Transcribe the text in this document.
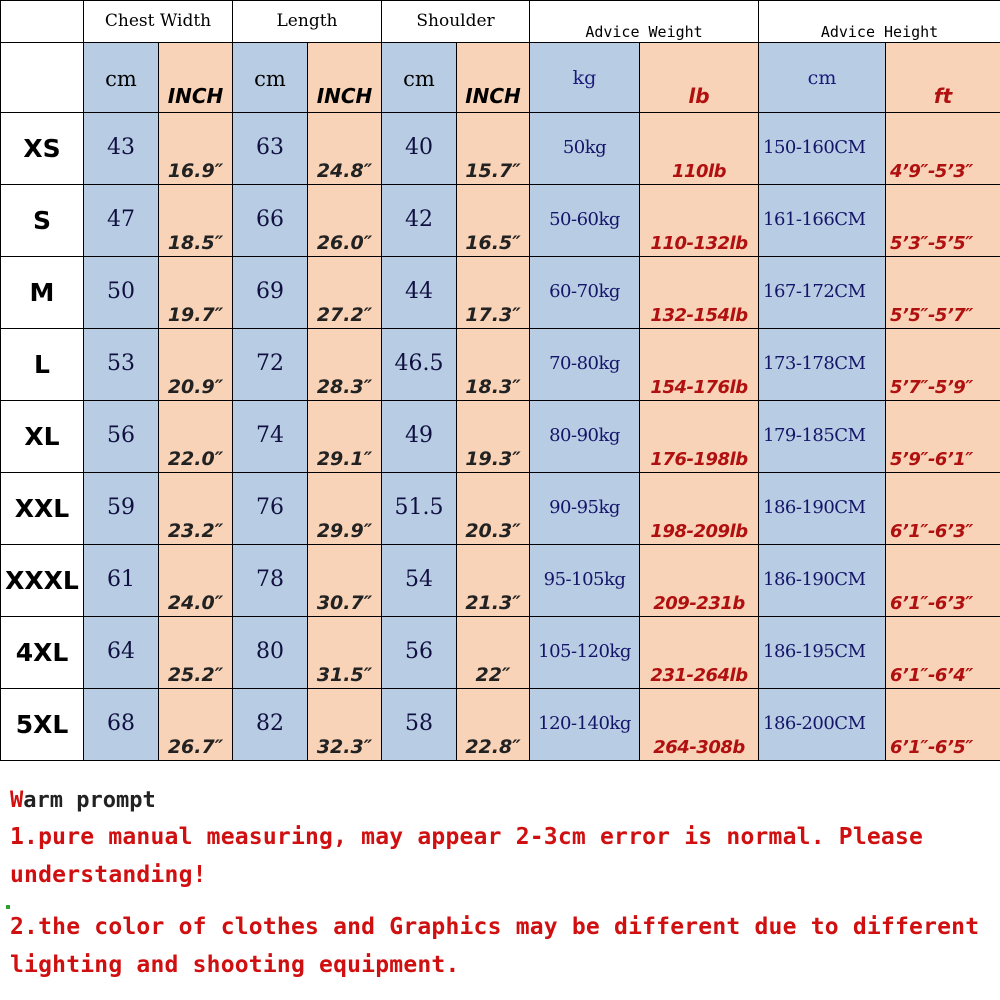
	Chest Width		Length		Shoulder		Advice Weight		Advice Height	
	cm	INCH	cm	INCH	cm	INCH	kg	lb	cm	ft
XS	43	16.9″	63	24.8″	40	15.7″	50kg	110lb	150-160CM	4’9″-5’3″
S	47	18.5″	66	26.0″	42	16.5″	50-60kg	110-132lb	161-166CM	5’3″-5’5″
M	50	19.7″	69	27.2″	44	17.3″	60-70kg	132-154lb	167-172CM	5’5″-5’7″
L	53	20.9″	72	28.3″	46.5	18.3″	70-80kg	154-176lb	173-178CM	5’7″-5’9″
XL	56	22.0″	74	29.1″	49	19.3″	80-90kg	176-198lb	179-185CM	5’9″-6’1″
XXL	59	23.2″	76	29.9″	51.5	20.3″	90-95kg	198-209lb	186-190CM	6’1″-6’3″
XXXL	61	24.0″	78	30.7″	54	21.3″	95-105kg	209-231b	186-190CM	6’1″-6’3″
4XL	64	25.2″	80	31.5″	56	22″	105-120kg	231-264lb	186-195CM	6’1″-6’4″
5XL	68	26.7″	82	32.3″	58	22.8″	120-140kg	264-308b	186-200CM	6’1″-6’5″
Warm prompt

1.pure manual measuring, may appear 2-3cm error is normal. Please understanding!

2.the color of clothes and Graphics may be different due to different lighting and shooting equipment.
